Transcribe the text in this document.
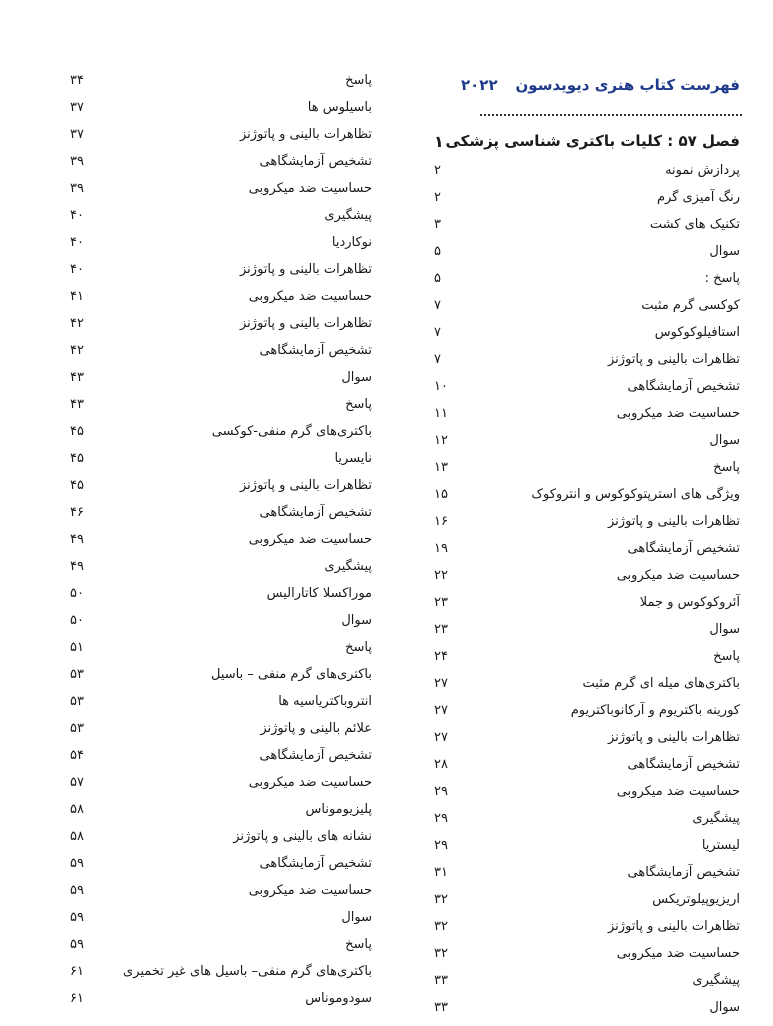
فهرست کتاب هنری دیویدسون
۲۰۲۲
فصل ۵۷ : کلیات باکتری شناسی پزشکی
۱
پردازش نمونه
۲
رنگ آمیزی گرم
۲
تکنیک های کشت
۳
سوال
۵
پاسخ :
۵
کوکسی گرم مثبت
۷
استافیلوکوکوس
۷
تظاهرات بالینی و پاتوژنز
۷
تشخیص آزمایشگاهی
۱۰
حساسیت ضد میکروبی
۱۱
سوال
۱۲
پاسخ
۱۳
ویژگی های استرپتوکوکوس و انتروکوک
۱۵
تظاهرات بالینی و پاتوژنز
۱۶
تشخیص آزمایشگاهی
۱۹
حساسیت ضد میکروبی
۲۲
آئروکوکوس و جملا
۲۳
سوال
۲۳
پاسخ
۲۴
باکتری‌های میله ای گرم مثبت
۲۷
کورینه باکتریوم و آرکانوباکتریوم
۲۷
تظاهرات بالینی و پاتوژنز
۲۷
تشخیص آزمایشگاهی
۲۸
حساسیت ضد میکروبی
۲۹
پیشگیری
۲۹
لیستریا
۲۹
تشخیص آزمایشگاهی
۳۱
اریزیوپیلوتریکس
۳۲
تظاهرات بالینی و پاتوژنز
۳۲
حساسیت ضد میکروبی
۳۲
پیشگیری
۳۳
سوال
۳۳
پاسخ
۳۴
باسیلوس ها
۳۷
تظاهرات بالینی و پاتوژنز
۳۷
تشخیص آزمایشگاهی
۳۹
حساسیت ضد میکروبی
۳۹
پیشگیری
۴۰
نوکاردیا
۴۰
تظاهرات بالینی و پاتوژنز
۴۰
حساسیت ضد میکروبی
۴۱
تظاهرات بالینی و پاتوژنز
۴۲
تشخیص آزمایشگاهی
۴۲
سوال
۴۳
پاسخ
۴۳
باکتری‌های گرم منفی-کوکسی
۴۵
نایسریا
۴۵
تظاهرات بالینی و پاتوژنز
۴۵
تشخیص آزمایشگاهی
۴۶
حساسیت ضد میکروبی
۴۹
پیشگیری
۴۹
موراکسلا کاتارالیس
۵۰
سوال
۵۰
پاسخ
۵۱
باکتری‌های گرم منفی – باسیل
۵۳
انتروباکتریاسیه ها
۵۳
علائم بالینی و پاتوژنز
۵۳
تشخیص آزمایشگاهی
۵۴
حساسیت ضد میکروبی
۵۷
پلیزیوموناس
۵۸
نشانه های بالینی و پاتوژنز
۵۸
تشخیص آزمایشگاهی
۵۹
حساسیت ضد میکروبی
۵۹
سوال
۵۹
پاسخ
۵۹
باکتری‌های گرم منفی– باسیل های غیر تخمیری
۶۱
سودوموناس
۶۱
